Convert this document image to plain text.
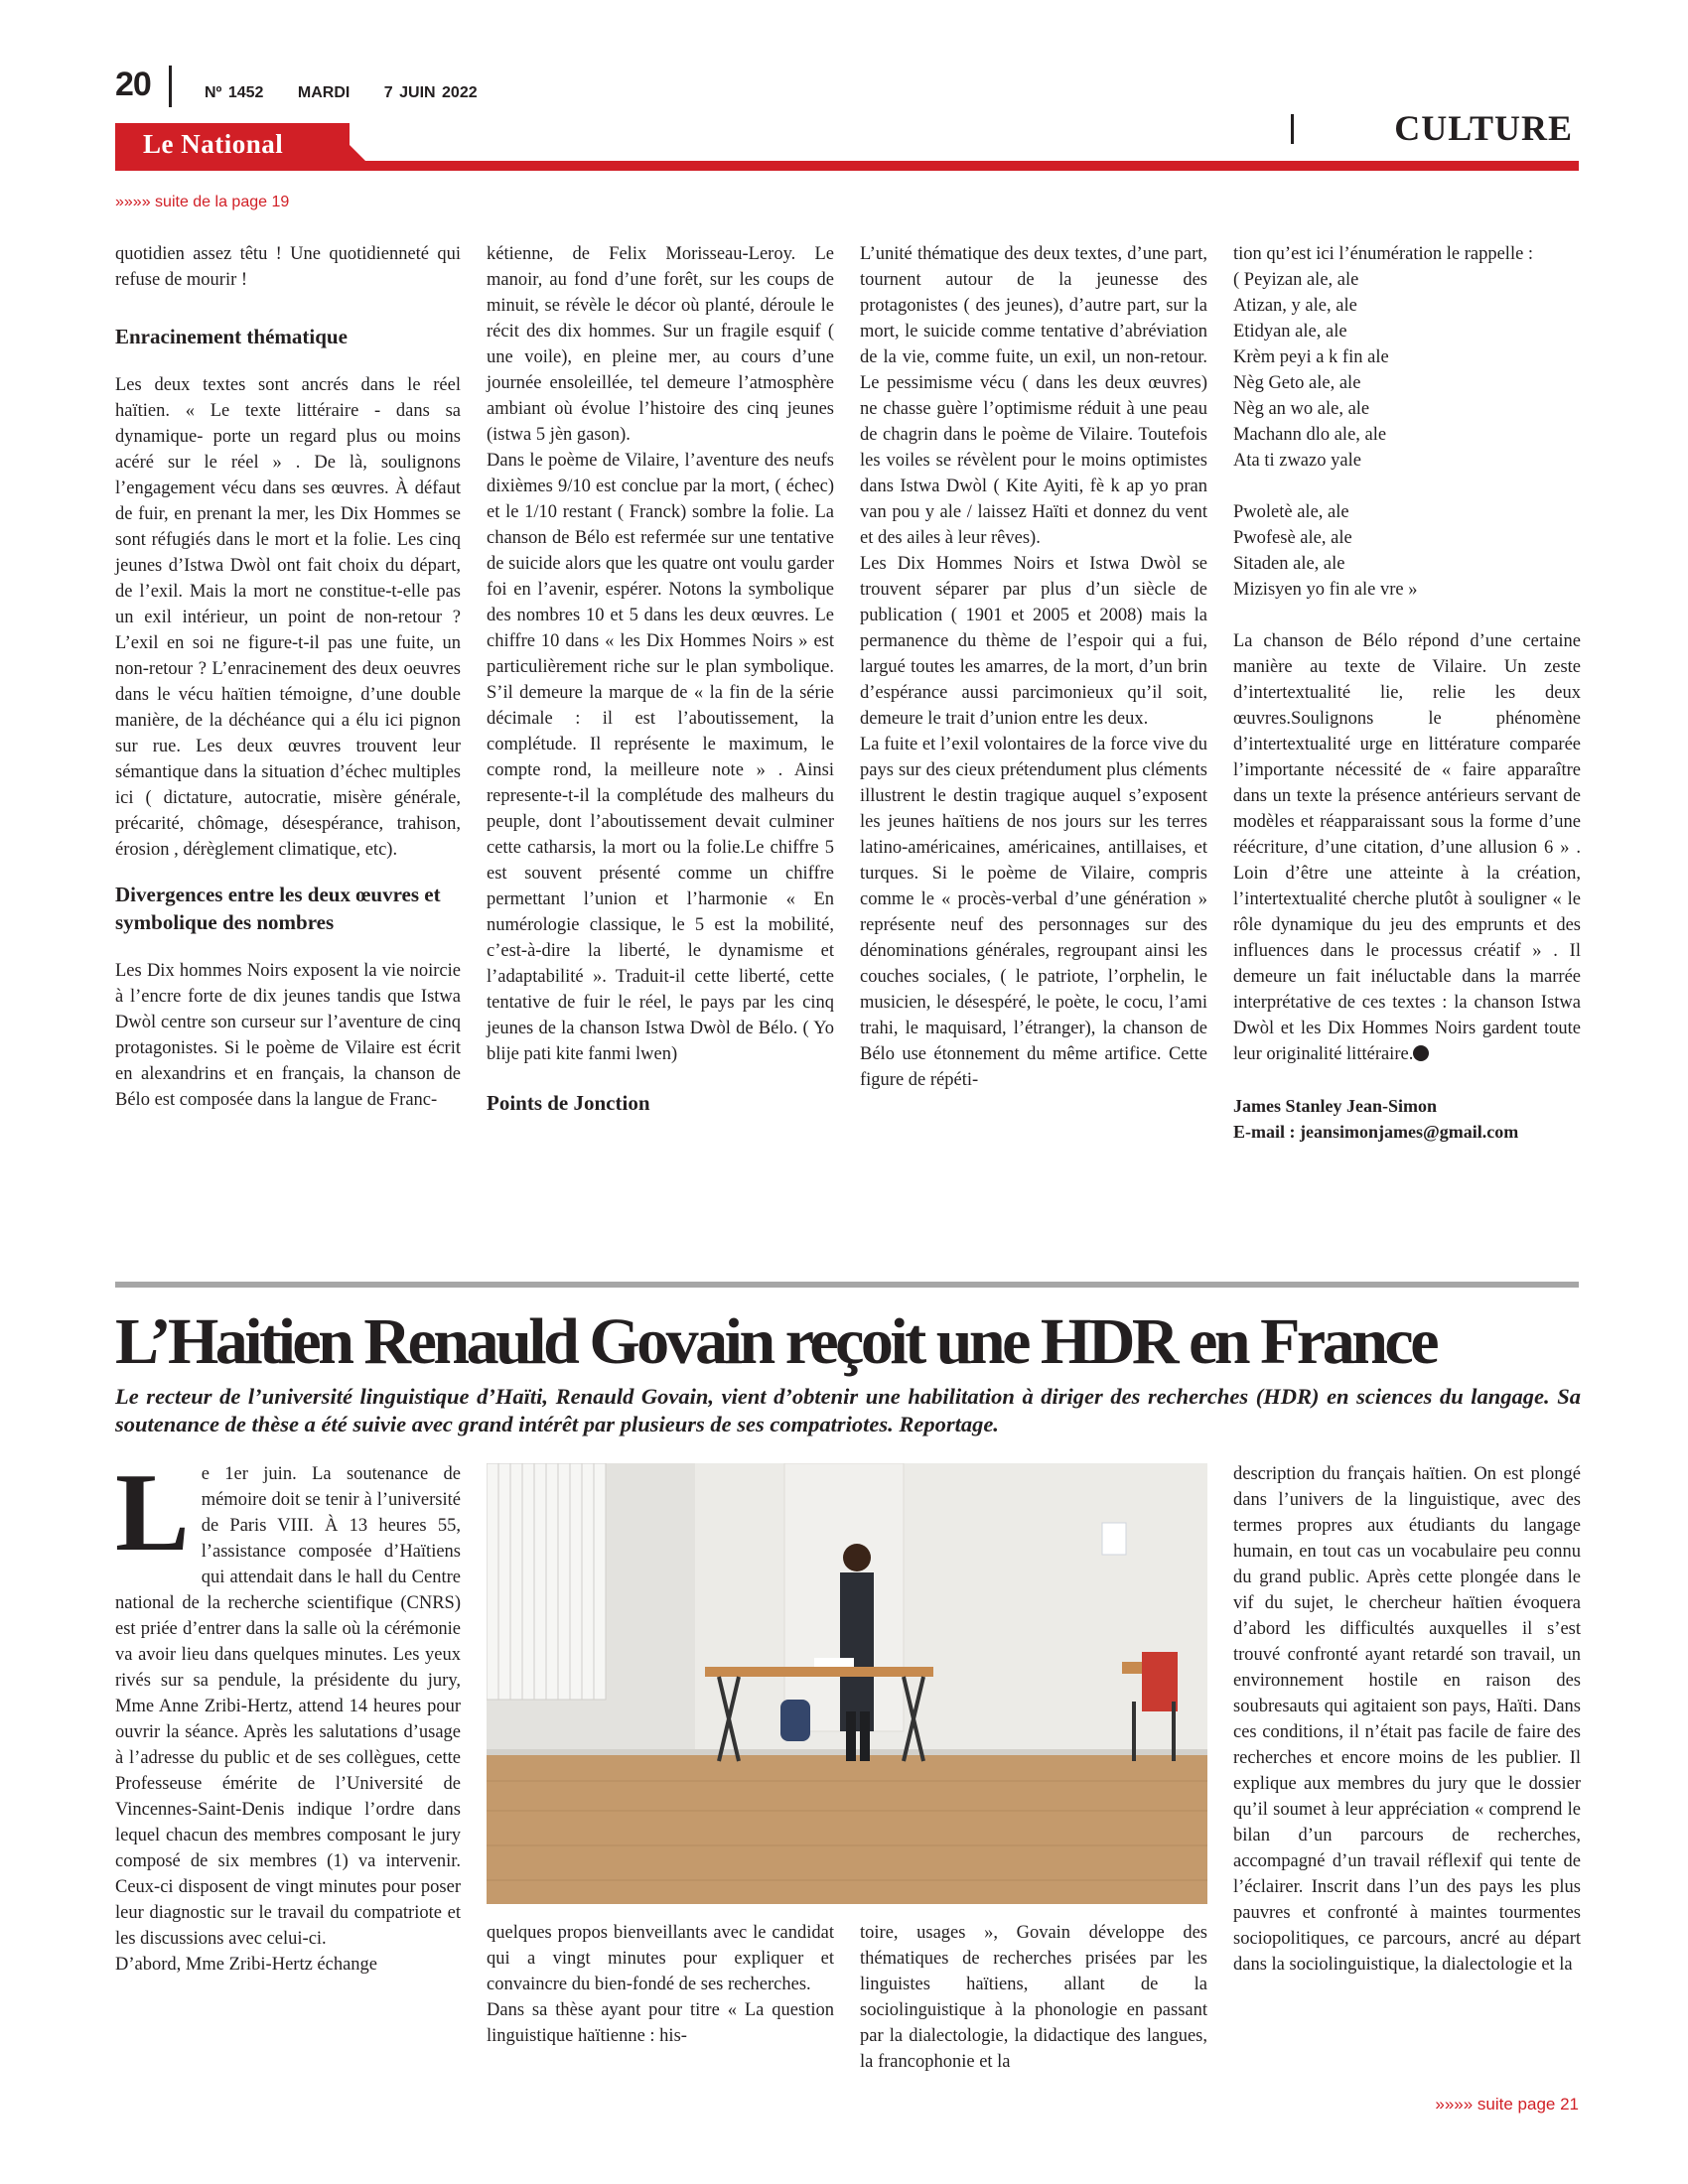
20	Nº 1452 MARDI 7 JUIN 2022
CULTURE
Le National
»»»» suite de la page 19

quotidien assez têtu ! Une quotidienneté qui refuse de mourir !

Enracinement thématique

Les deux textes sont ancrés dans le réel haïtien. « Le texte littéraire - dans sa dynamique- porte un regard plus ou moins acéré sur le réel » . De là, soulignons l’engagement vécu dans ses œuvres. À défaut de fuir, en prenant la mer, les Dix Hommes se sont réfugiés dans le mort et la folie. Les cinq jeunes d’Istwa Dwòl ont fait choix du départ, de l’exil. Mais la mort ne constitue-t-elle pas un exil intérieur, un point de non-retour ? L’exil en soi ne figure-t-il pas une fuite, un non-retour ? L’enracinement des deux oeuvres dans le vécu haïtien témoigne, d’une double manière, de la déchéance qui a élu ici pignon sur rue. Les deux œuvres trouvent leur sémantique dans la situation d’échec multiples ici ( dictature, autocratie, misère générale, précarité, chômage, désespérance, trahison, érosion , dérèglement climatique, etc).

Divergences entre les deux œuvres et symbolique des nombres

Les Dix hommes Noirs exposent la vie noircie à l’encre forte de dix jeunes tandis que Istwa Dwòl centre son curseur sur l’aventure de cinq protagonistes. Si le poème de Vilaire est écrit en alexandrins et en français, la chanson de Bélo est composée dans la langue de Franc-

kétienne, de Felix Morisseau-Leroy. Le manoir, au fond d’une forêt, sur les coups de minuit, se révèle le décor où planté, déroule le récit des dix hommes. Sur un fragile esquif ( une voile), en pleine mer, au cours d’une journée ensoleillée, tel demeure l’atmosphère ambiant où évolue l’histoire des cinq jeunes (istwa 5 jèn gason).

Dans le poème de Vilaire, l’aventure des neufs dixièmes 9/10 est conclue par la mort, ( échec) et le 1/10 restant ( Franck) sombre la folie. La chanson de Bélo est refermée sur une tentative de suicide alors que les quatre ont voulu garder foi en l’avenir, espérer. Notons la symbolique des nombres 10 et 5 dans les deux œuvres. Le chiffre 10 dans « les Dix Hommes Noirs » est particulièrement riche sur le plan symbolique. S’il demeure la marque de « la fin de la série décimale : il est l’aboutissement, la complétude. Il représente le maximum, le compte rond, la meilleure note » . Ainsi represente-t-il la complétude des malheurs du peuple, dont l’aboutissement devait culminer cette catharsis, la mort ou la folie.Le chiffre 5 est souvent présenté comme un chiffre permettant l’union et l’harmonie « En numérologie classique, le 5 est la mobilité, c’est-à-dire la liberté, le dynamisme et l’adaptabilité ». Traduit-il cette liberté, cette tentative de fuir le réel, le pays par les cinq jeunes de la chanson Istwa Dwòl de Bélo. ( Yo blije pati kite fanmi lwen)

Points de Jonction

L’unité thématique des deux textes, d’une part, tournent autour de la jeunesse des protagonistes ( des jeunes), d’autre part, sur la mort, le suicide comme tentative d’abréviation de la vie, comme fuite, un exil, un non-retour. Le pessimisme vécu ( dans les deux œuvres) ne chasse guère l’optimisme réduit à une peau de chagrin dans le poème de Vilaire. Toutefois les voiles se révèlent pour le moins optimistes dans Istwa Dwòl ( Kite Ayiti, fè k ap yo pran van pou y ale / laissez Haïti et donnez du vent et des ailes à leur rêves).

Les Dix Hommes Noirs et Istwa Dwòl se trouvent séparer par plus d’un siècle de publication ( 1901 et 2005 et 2008) mais la permanence du thème de l’espoir qui a fui, largué toutes les amarres, de la mort, d’un brin d’espérance aussi parcimonieux qu’il soit, demeure le trait d’union entre les deux.

La fuite et l’exil volontaires de la force vive du pays sur des cieux prétendument plus cléments illustrent le destin tragique auquel s’exposent les jeunes haïtiens de nos jours sur les terres latino-américaines, américaines, antillaises, et turques. Si le poème de Vilaire, compris comme le « procès-verbal d’une génération » représente neuf des personnages sur des dénominations générales, regroupant ainsi les couches sociales, ( le patriote, l’orphelin, le musicien, le désespéré, le poète, le cocu, l’ami trahi, le maquisard, l’étranger), la chanson de Bélo use étonnement du même artifice. Cette figure de répéti-

tion qu’est ici l’énumération le rappelle :

( Peyizan ale, ale
Atizan, y ale, ale
Etidyan ale, ale
Krèm peyi a k fin ale
Nèg Geto ale, ale
Nèg an wo ale, ale
Machann dlo ale, ale
Ata ti zwazo yale
Pwoletè ale, ale
Pwofesè ale, ale
Sitaden ale, ale
Mizisyen yo fin ale vre »

La chanson de Bélo répond d’une certaine manière au texte de Vilaire. Un zeste d’intertextualité lie, relie les deux œuvres.Soulignons le phénomène d’intertextualité urge en littérature comparée l’importante nécessité de « faire apparaître dans un texte la présence antérieurs servant de modèles et réapparaissant sous la forme d’une réécriture, d’une citation, d’une allusion 6 » . Loin d’être une atteinte à la création, l’intertextualité cherche plutôt à souligner « le rôle dynamique du jeu des emprunts et des influences dans le processus créatif » . Il demeure un fait inéluctable dans la marrée interprétative de ces textes : la chanson Istwa Dwòl et les Dix Hommes Noirs gardent toute leur originalité littéraire.

James Stanley Jean-Simon

E-mail : jeansimonjames@gmail.com

L’Haitien Renauld Govain reçoit une HDR en France
Le recteur de l’université linguistique d’Haïti, Renauld Govain, vient d’obtenir une habilitation à diriger des recherches (HDR) en sciences du langage. Sa soutenance de thèse a été suivie avec grand intérêt par plusieurs de ses compatriotes. Reportage.
L e 1er juin. La soutenance de mémoire doit se tenir à l’université de Paris VIII. À 13 heures 55, l’assistance composée d’Haïtiens qui attendait dans le hall du Centre national de la recherche scientifique (CNRS) est priée d’entrer dans la salle où la cérémonie va avoir lieu dans quelques minutes. Les yeux rivés sur sa pendule, la présidente du jury, Mme Anne Zribi-Hertz, attend 14 heures pour ouvrir la séance. Après les salutations d’usage à l’adresse du public et de ses collègues, cette Professeuse émérite de l’Université de Vincennes-Saint-Denis indique l’ordre dans lequel chacun des membres composant le jury composé de six membres (1) va intervenir. Ceux-ci disposent de vingt minutes pour poser leur diagnostic sur le travail du compatriote et les discussions avec celui-ci.

D’abord, Mme Zribi-Hertz échange

quelques propos bienveillants avec le candidat qui a vingt minutes pour expliquer et convaincre du bien-fondé de ses recherches.

Dans sa thèse ayant pour titre « La question linguistique haïtienne : his-

toire, usages », Govain développe des thématiques de recherches prisées par les linguistes haïtiens, allant de la sociolinguistique à la phonologie en passant par la dialectologie, la didactique des langues, la francophonie et la

description du français haïtien. On est plongé dans l’univers de la linguistique, avec des termes propres aux étudiants du langage humain, en tout cas un vocabulaire peu connu du grand public. Après cette plongée dans le vif du sujet, le chercheur haïtien évoquera d’abord les difficultés auxquelles il s’est trouvé confronté ayant retardé son travail, un environnement hostile en raison des soubresauts qui agitaient son pays, Haïti. Dans ces conditions, il n’était pas facile de faire des recherches et encore moins de les publier. Il explique aux membres du jury que le dossier qu’il soumet à leur appréciation « comprend le bilan d’un parcours de recherches, accompagné d’un travail réflexif qui tente de l’éclairer. Inscrit dans l’un des pays les plus pauvres et confronté à maintes tourmentes sociopolitiques, ce parcours, ancré au départ dans la sociolinguistique, la dialectologie et la

»»»» suite page 21
